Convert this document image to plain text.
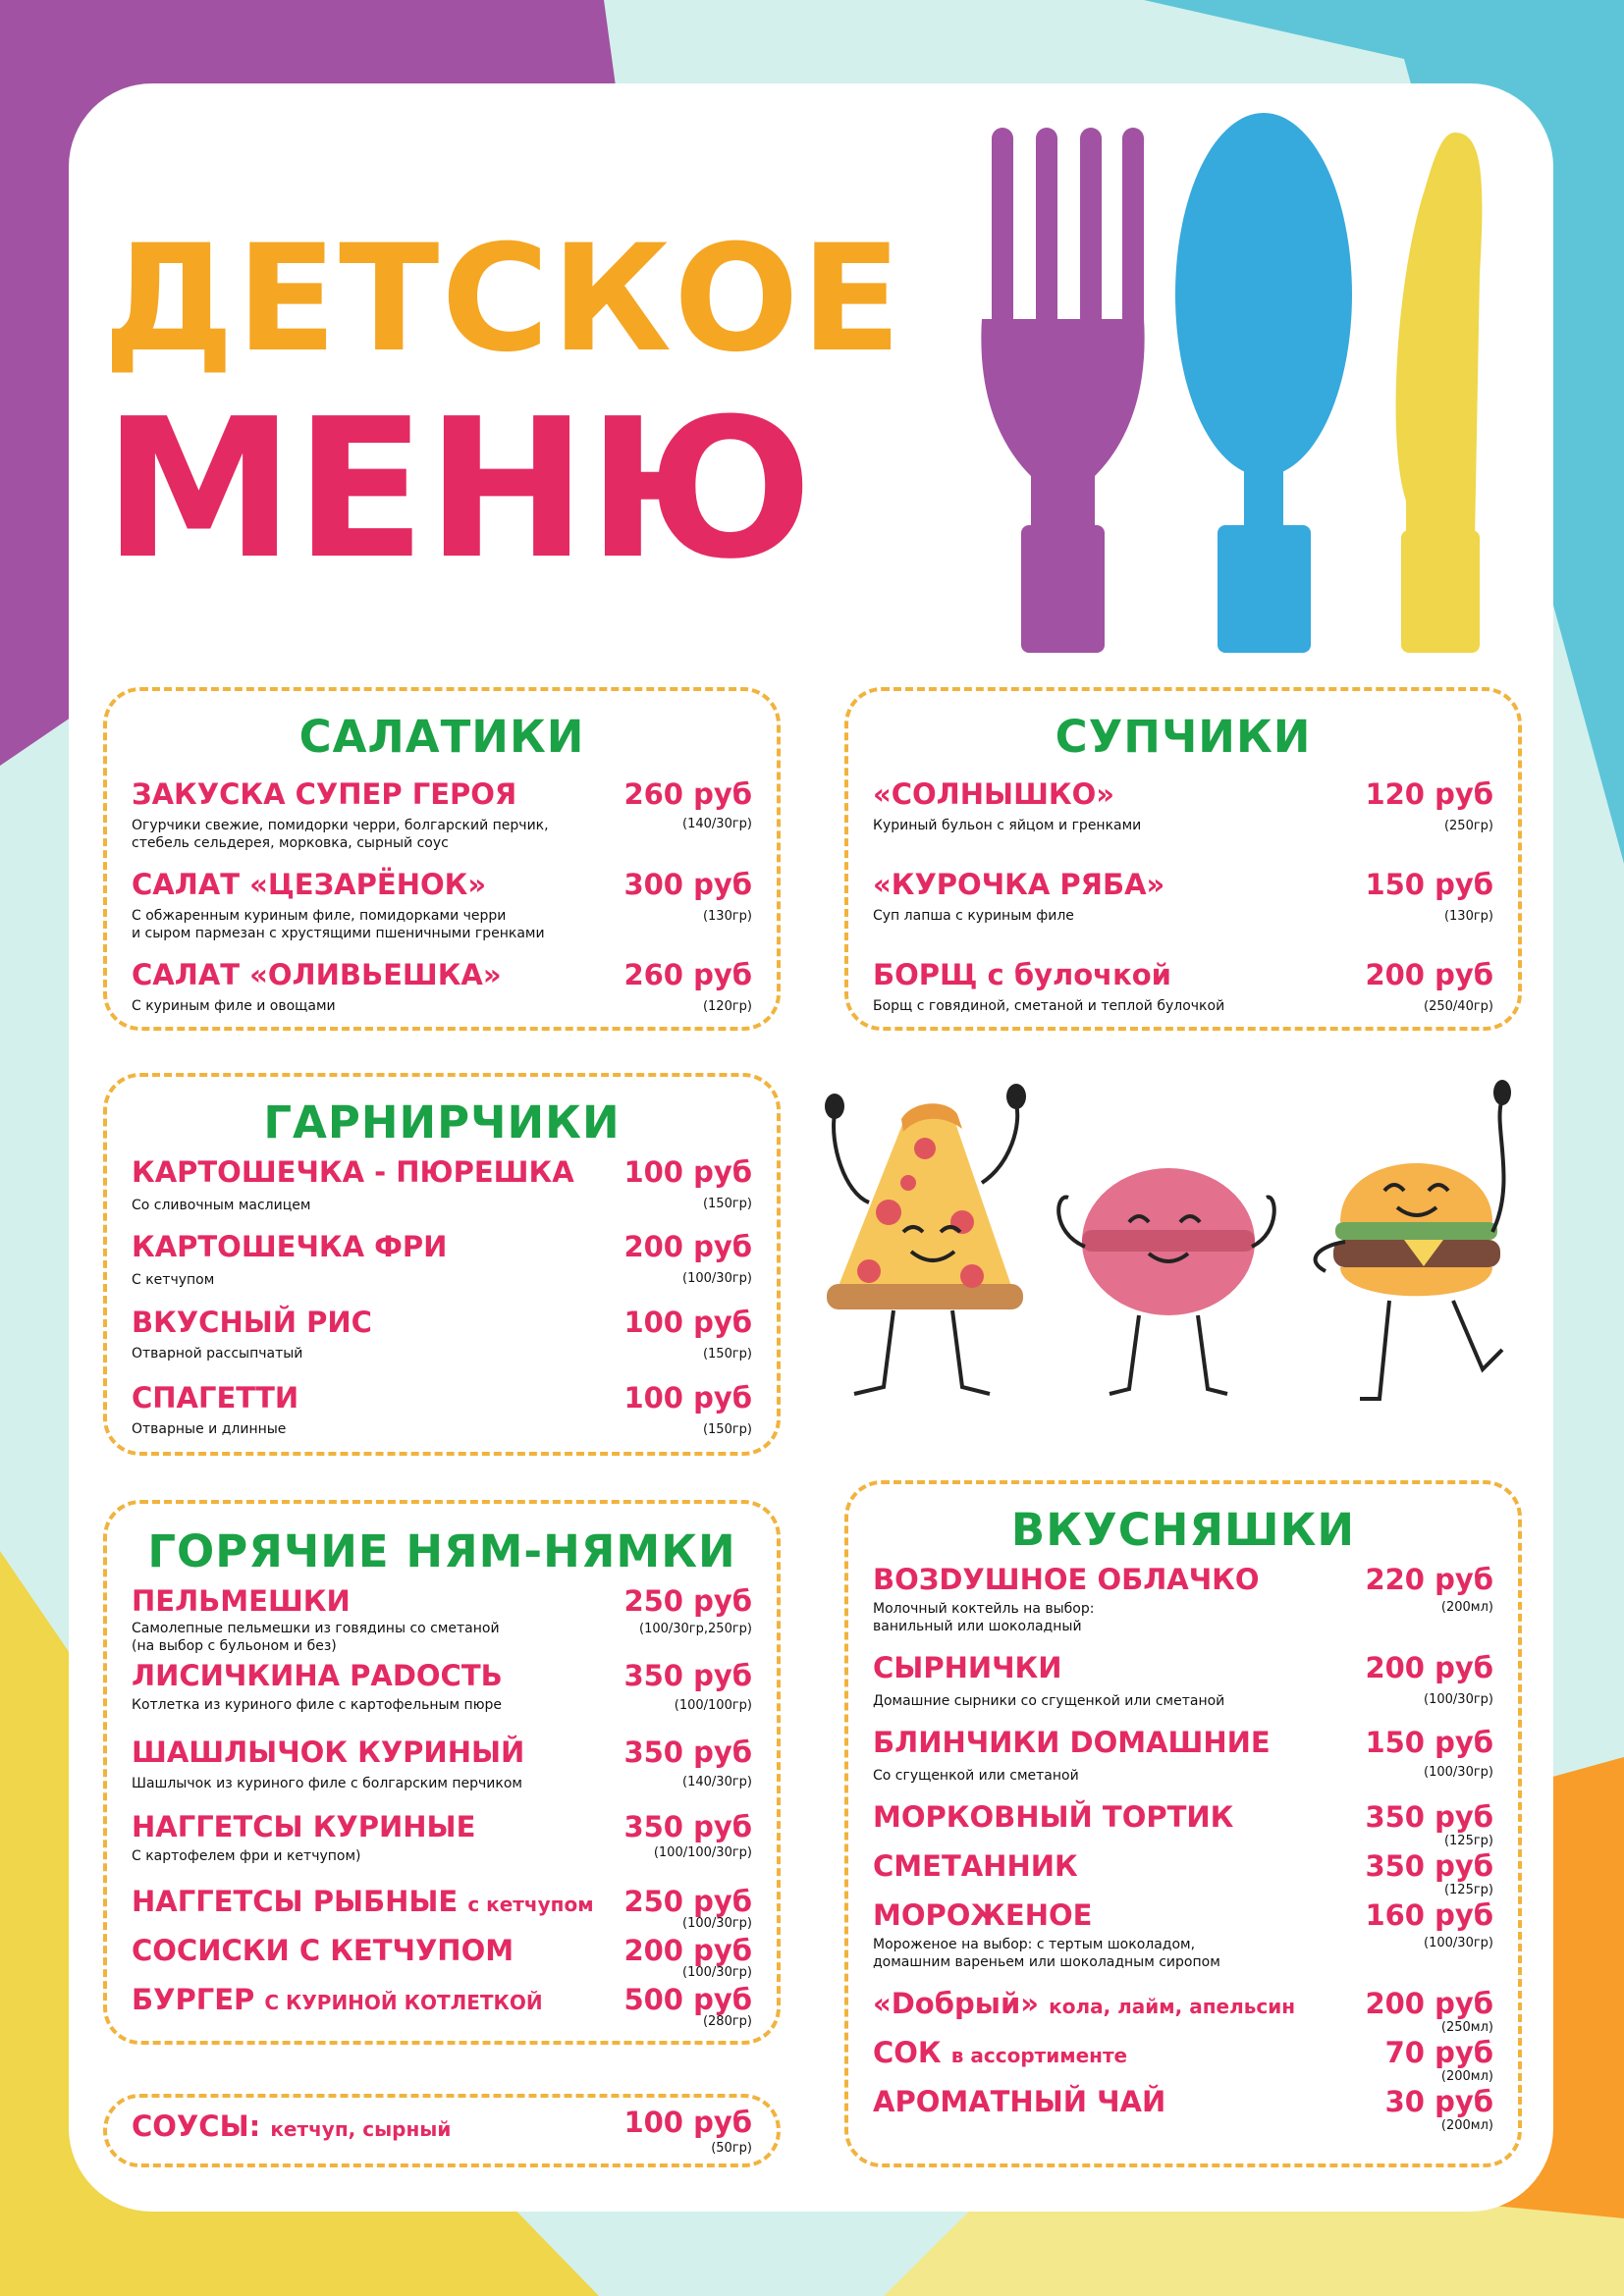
ДЕТСКОЕ
МЕНЮ
САЛАТИКИ
ЗАКУСКА СУПЕР ГЕРОЯ	260 руб
Огурчики свежие, помидорки черри, болгарский перчик,
стебель сельдерея, морковка, сырный соус
(140/30гр)
САЛАТ «ЦЕЗАРЁНОК»	300 руб
С обжаренным куриным филе, помидорками черри
и сыром пармезан с хрустящими пшеничными гренками
(130гр)
САЛАТ «ОЛИВЬЕШКА»	260 руб
С куриным филе и овощами	(120гр)
СУПЧИКИ
«СОЛНЫШКО»	120 руб
Куриный бульон с яйцом и гренками	(250гр)
«КУРОЧКА РЯБА»	150 руб
Суп лапша с куриным филе	(130гр)
БОРЩ с булочкой	200 руб
Борщ с говядиной, сметаной и теплой булочкой	(250/40гр)
ГАРНИРЧИКИ
КАРТОШЕЧКА - ПЮРЕШКА 100 руб
Со сливочным маслицем	(150гр)
КАРТОШЕЧКА ФРИ	200 руб
С кетчупом	(100/30гр)
ВКУСНЫЙ РИС	100 руб
Отварной рассыпчатый	(150гр)
СПАГЕТТИ	100 руб
Отварные и длинные	(150гр)
ГОРЯЧИЕ НЯМ-НЯМКИ
ПЕЛЬМЕШКИ	250 руб
Самолепные пельмешки из говядины со сметаной
(на выбор с бульоном и без)
(100/30гр,250гр)
ЛИСИЧКИНА РАDОСТЬ	350 руб
Котлетка из куриного филе с картофельным пюре	(100/100гр)
ШАШЛЫЧОК КУРИНЫЙ	350 руб
Шашлычок из куриного филе с болгарским перчиком	(140/30гр)
НАГГЕТСЫ КУРИНЫЕ	350 руб
С картофелем фри и кетчупом)	(100/100/30гр)
НАГГЕТСЫ РЫБНЫЕ с кетчупом 250 руб
(100/30гр)
СОСИСКИ С КЕТЧУПОМ	200 руб
(100/30гр)
БУРГЕР С КУРИНОЙ КОТЛЕТКОЙ	500 руб
(280гр)
СОУСЫ: кетчуп, сырный	100 руб
(50гр)
ВКУСНЯШКИ
ВОЗDУШНОЕ ОБЛАЧКО	220 руб
Молочный коктейль на выбор:
ванильный или шоколадный
(200мл)
СЫРНИЧКИ	200 руб
Домашние сырники со сгущенкой или сметаной	(100/30гр)
БЛИНЧИКИ DОМАШНИЕ	150 руб
Со сгущенкой или сметаной	(100/30гр)
МОРКОВНЫЙ ТОРТИК	350 руб
(125гр)
СМЕТАННИК	350 руб
(125гр)
МОРОЖЕНОЕ	160 руб
Мороженое на выбор: с тертым шоколадом,
домашним вареньем или шоколадным сиропом
(100/30гр)
«Dобрый» кола, лайм, апельсин 200 руб
(250мл)
СОК в ассортименте	70 руб
(200мл)
АРОМАТНЫЙ ЧАЙ	30 руб
(200мл)
